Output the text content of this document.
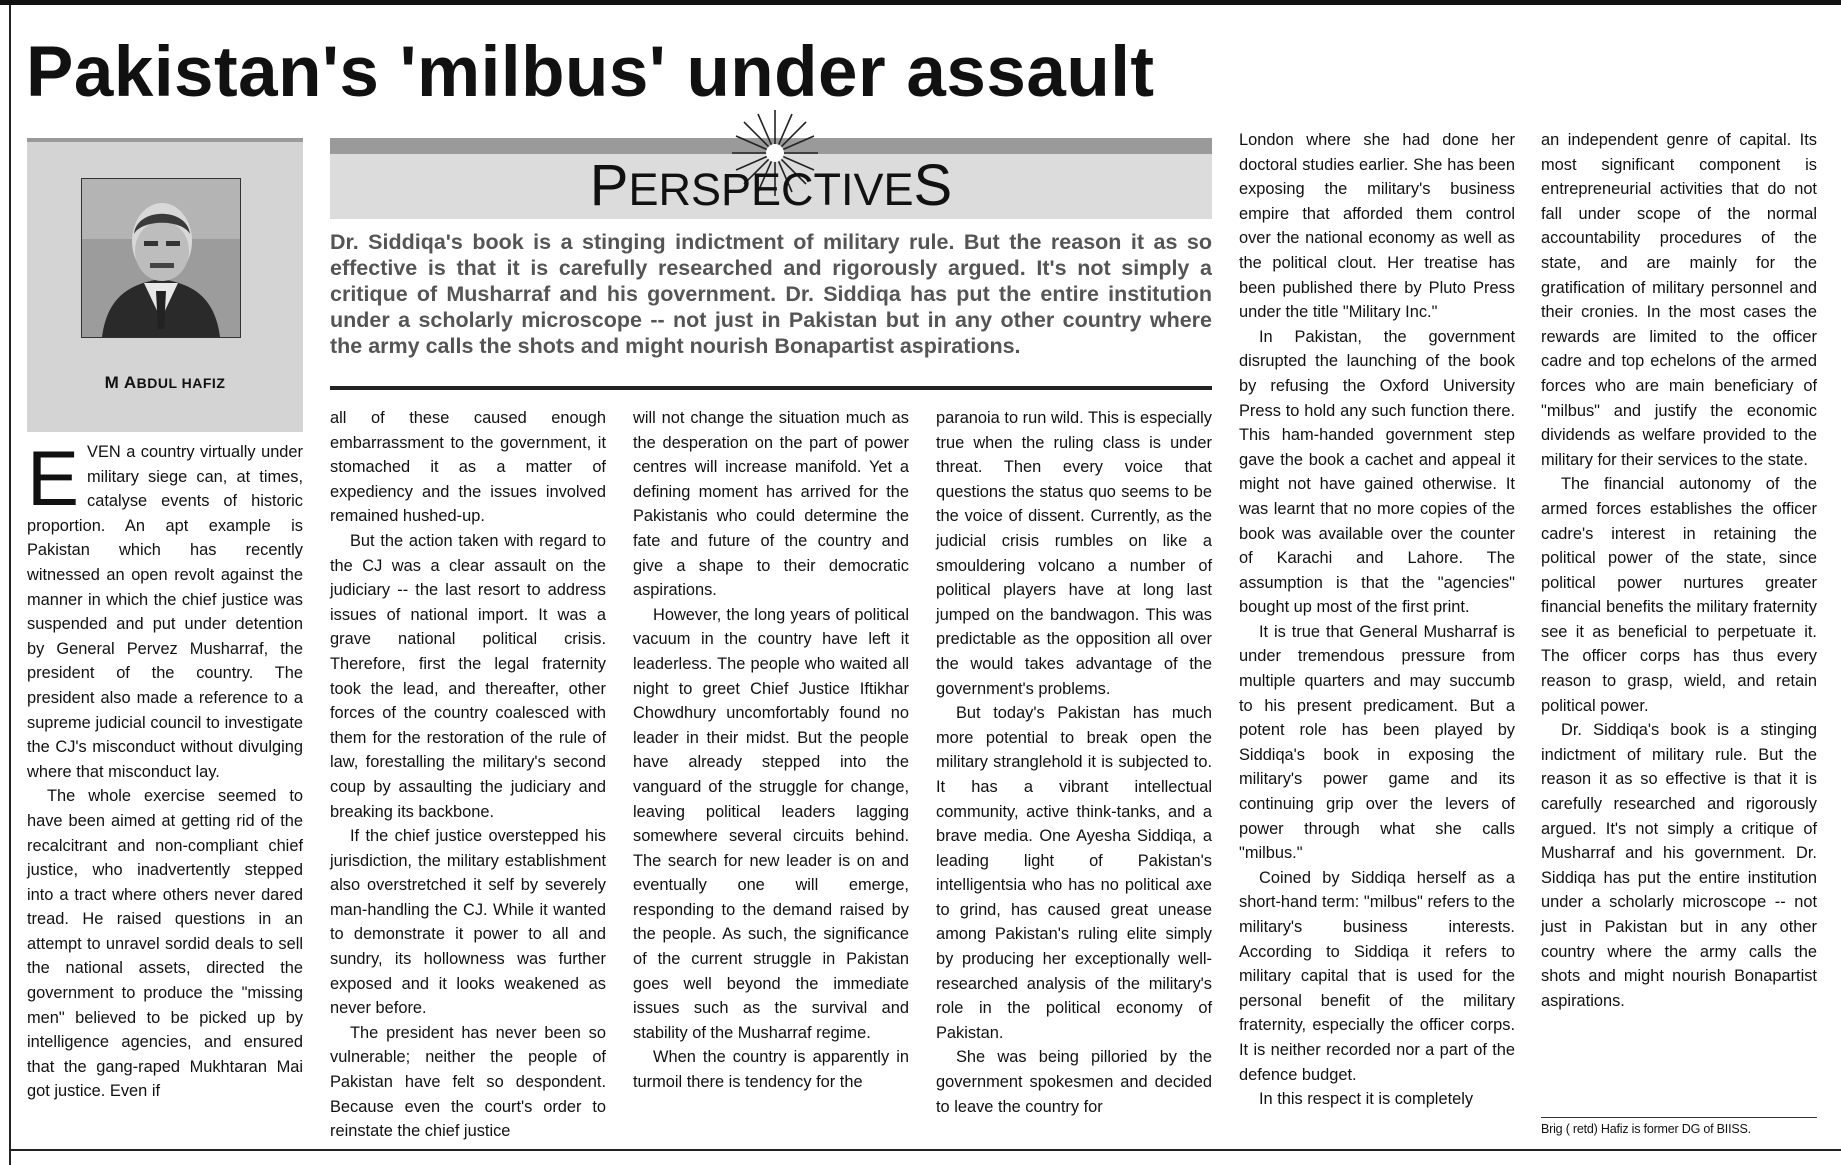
Pakistan's 'milbus' under assault
M ABDUL HAFIZ
PERSPECTIVES

Dr. Siddiqa's book is a stinging indictment of military rule. But the reason it as so effective is that it is carefully researched and rigorously argued. It's not simply a critique of Musharraf and his government. Dr. Siddiqa has put the entire institution under a scholarly microscope -- not just in Pakistan but in any other country where the army calls the shots and might nourish Bonapartist aspirations.

EVEN a country virtually under military siege can, at times, catalyse events of historic proportion. An apt example is Pakistan which has recently witnessed an open revolt against the manner in which the chief justice was suspended and put under detention by General Pervez Musharraf, the president of the country. The president also made a reference to a supreme judicial council to investigate the CJ's misconduct without divulging where that misconduct lay.

The whole exercise seemed to have been aimed at getting rid of the recalcitrant and non-compliant chief justice, who inadvertently stepped into a tract where others never dared tread. He raised questions in an attempt to unravel sordid deals to sell the national assets, directed the government to produce the "missing men" believed to be picked up by intelligence agencies, and ensured that the gang-raped Mukhtaran Mai got justice. Even if

all of these caused enough embarrassment to the government, it stomached it as a matter of expediency and the issues involved remained hushed-up.

But the action taken with regard to the CJ was a clear assault on the judiciary -- the last resort to address issues of national import. It was a grave national political crisis. Therefore, first the legal fraternity took the lead, and thereafter, other forces of the country coalesced with them for the restoration of the rule of law, forestalling the military's second coup by assaulting the judiciary and breaking its backbone.

If the chief justice overstepped his jurisdiction, the military establishment also overstretched it self by severely man-handling the CJ. While it wanted to demonstrate it power to all and sundry, its hollowness was further exposed and it looks weakened as never before.

The president has never been so vulnerable; neither the people of Pakistan have felt so despondent. Because even the court's order to reinstate the chief justice

will not change the situation much as the desperation on the part of power centres will increase manifold. Yet a defining moment has arrived for the Pakistanis who could determine the fate and future of the country and give a shape to their democratic aspirations.

However, the long years of political vacuum in the country have left it leaderless. The people who waited all night to greet Chief Justice Iftikhar Chowdhury uncomfortably found no leader in their midst. But the people have already stepped into the vanguard of the struggle for change, leaving political leaders lagging somewhere several circuits behind. The search for new leader is on and eventually one will emerge, responding to the demand raised by the people. As such, the significance of the current struggle in Pakistan goes well beyond the immediate issues such as the survival and stability of the Musharraf regime.

When the country is apparently in turmoil there is tendency for the

paranoia to run wild. This is especially true when the ruling class is under threat. Then every voice that questions the status quo seems to be the voice of dissent. Currently, as the judicial crisis rumbles on like a smouldering volcano a number of political players have at long last jumped on the bandwagon. This was predictable as the opposition all over the would takes advantage of the government's problems.

But today's Pakistan has much more potential to break open the military stranglehold it is subjected to. It has a vibrant intellectual community, active think-tanks, and a brave media. One Ayesha Siddiqa, a leading light of Pakistan's intelligentsia who has no political axe to grind, has caused great unease among Pakistan's ruling elite simply by producing her exceptionally well-researched analysis of the military's role in the political economy of Pakistan.

She was being pilloried by the government spokesmen and decided to leave the country for

London where she had done her doctoral studies earlier. She has been exposing the military's business empire that afforded them control over the national economy as well as the political clout. Her treatise has been published there by Pluto Press under the title "Military Inc."

In Pakistan, the government disrupted the launching of the book by refusing the Oxford University Press to hold any such function there. This ham-handed government step gave the book a cachet and appeal it might not have gained otherwise. It was learnt that no more copies of the book was available over the counter of Karachi and Lahore. The assumption is that the "agencies" bought up most of the first print.

It is true that General Musharraf is under tremendous pressure from multiple quarters and may succumb to his present predicament. But a potent role has been played by Siddiqa's book in exposing the military's power game and its continuing grip over the levers of power through what she calls "milbus."

Coined by Siddiqa herself as a short-hand term: "milbus" refers to the military's business interests. According to Siddiqa it refers to military capital that is used for the personal benefit of the military fraternity, especially the officer corps. It is neither recorded nor a part of the defence budget.

In this respect it is completely

an independent genre of capital. Its most significant component is entrepreneurial activities that do not fall under scope of the normal accountability procedures of the state, and are mainly for the gratification of military personnel and their cronies. In the most cases the rewards are limited to the officer cadre and top echelons of the armed forces who are main beneficiary of "milbus" and justify the economic dividends as welfare provided to the military for their services to the state.

The financial autonomy of the armed forces establishes the officer cadre's interest in retaining the political power of the state, since political power nurtures greater financial benefits the military fraternity see it as beneficial to perpetuate it. The officer corps has thus every reason to grasp, wield, and retain political power.

Dr. Siddiqa's book is a stinging indictment of military rule. But the reason it as so effective is that it is carefully researched and rigorously argued. It's not simply a critique of Musharraf and his government. Dr. Siddiqa has put the entire institution under a scholarly microscope -- not just in Pakistan but in any other country where the army calls the shots and might nourish Bonapartist aspirations.

Brig ( retd) Hafiz is former DG of BIISS.
